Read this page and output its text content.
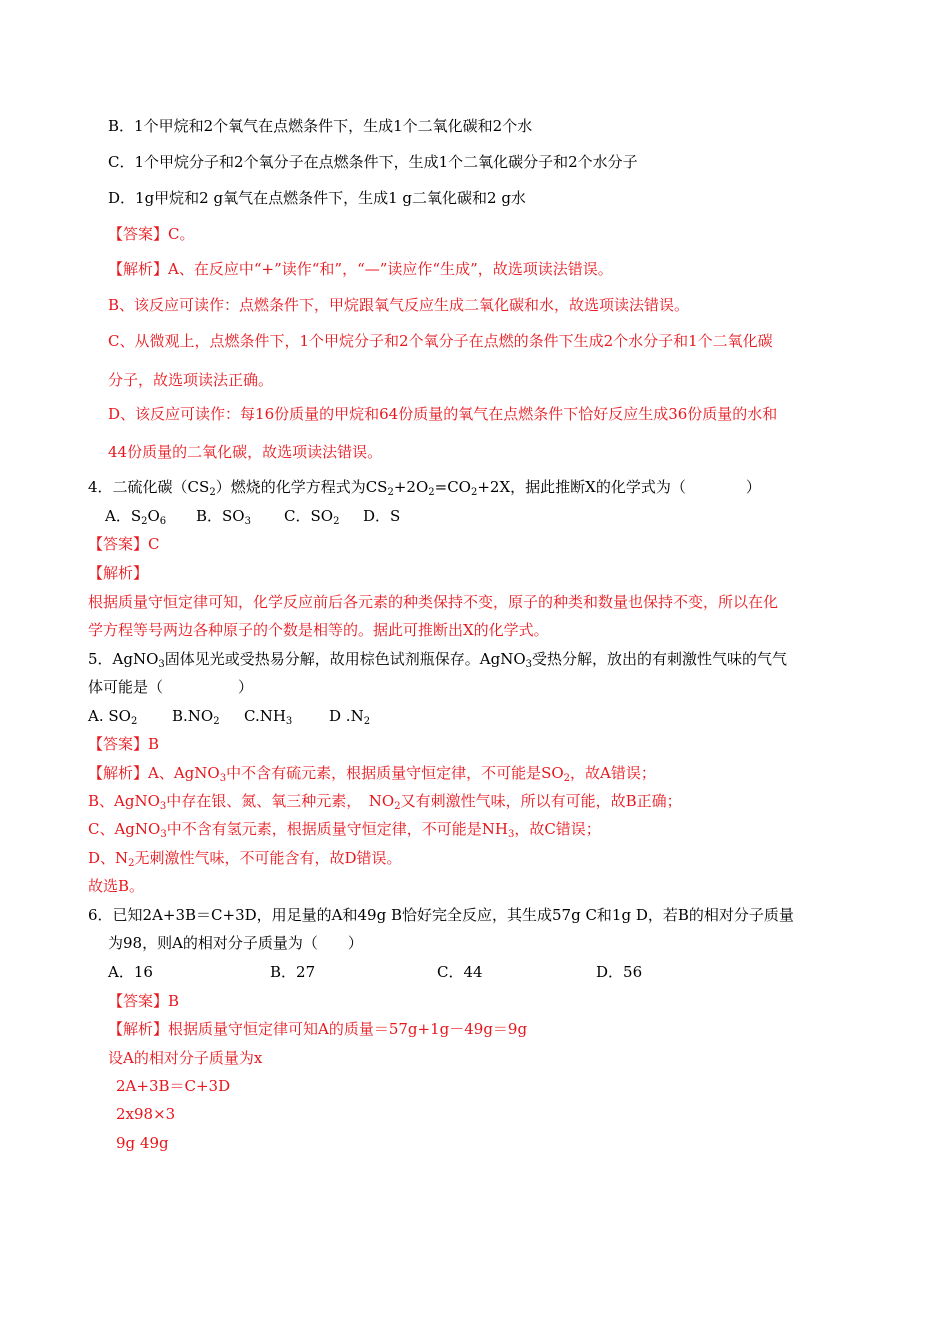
B．1个甲烷和2个氧气在点燃条件下，生成1个二氧化碳和2个水
C．1个甲烷分子和2个氧分子在点燃条件下，生成1个二氧化碳分子和2个水分子
D．1g甲烷和2 g氧气在点燃条件下，生成1 g二氧化碳和2 g水
【答案】C。
【解析】A、在反应中“+”读作“和”，“—”读应作“生成”，故选项读法错误。
B、该反应可读作：点燃条件下，甲烷跟氧气反应生成二氧化碳和水，故选项读法错误。
C、从微观上，点燃条件下，1个甲烷分子和2个氧分子在点燃的条件下生成2个水分子和1个二氧化碳
分子，故选项读法正确。
D、该反应可读作：每16份质量的甲烷和64份质量的氧气在点燃条件下恰好反应生成36份质量的水和
44份质量的二氧化碳，故选项读法错误。
4．二硫化碳$(CS_2)$燃烧的化学方程式为$CS_2+2O_2=CO_2+2X$，据此推断X的化学式为（　　　　）
A．$S_2O_6$ B．$SO_3$ C．$SO_2$ D．S
【答案】C
【解析】
根据质量守恒定律可知，化学反应前后各元素的种类保持不变，原子的种类和数量也保持不变，所以在化
学方程等号两边各种原子的个数是相等的。据此可推断出X的化学式。
5．AgNO$_3$固体见光或受热易分解，故用棕色试剂瓶保存。AgNO$_3$受热分解，放出的有刺激性气味的气气
体可能是（　　　　　）
A. $SO_2$ $B.NO_2$ $C.NH_3$ D $.N_2$
【答案】B
【解析】A、AgNO$_3$中不含有硫元素，根据质量守恒定律，不可能是$SO_2$，故A错误；
B、AgNO$_3$中存在银、氮、氧三种元素，　$NO_2$又有刺激性气味，所以有可能，故B正确；
C、AgNO$_3$中不含有氢元素，根据质量守恒定律，不可能是$NH_3$，故C错误；
D、$N_2$无刺激性气味，不可能含有，故D错误。
故选B。
6．已知2A+3B＝C+3D，用足量的A和49g B恰好完全反应，其生成57g C和1g D，若B的相对分子质量
为98，则A的相对分子质量为（　　）
A．16	B．27	C．44	D．56
【答案】B
【解析】根据质量守恒定律可知A的质量＝57g+1g－49g＝9g
设A的相对分子质量为x
2A+3B＝C+3D
2x98×3
9g 49g
